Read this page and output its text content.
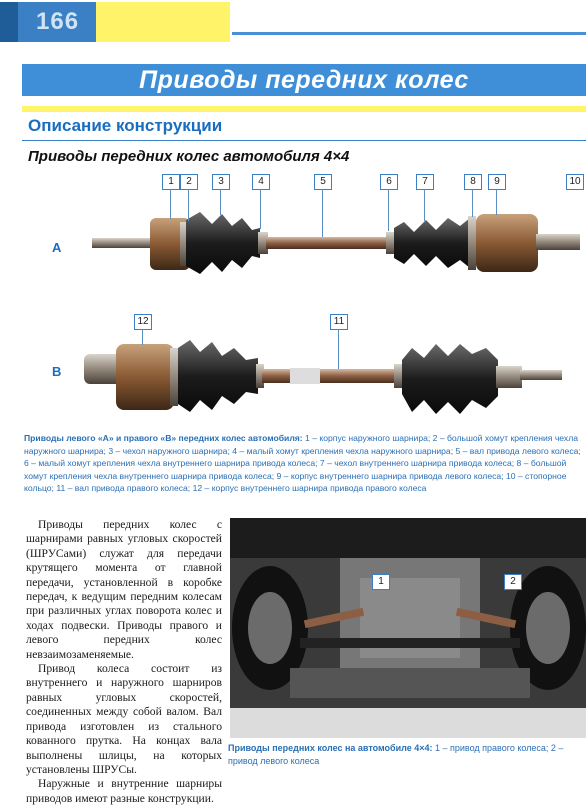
166
Приводы передних колес
Описание конструкции
Приводы передних колес автомобиля 4×4
A
B
1	2	3	4	5	6	7	8	9	10
12	11
Приводы левого «А» и правого «В» передних колес автомобиля: 1 – корпус наружного шарнира; 2 – большой хомут крепления чехла наружного шарнира; 3 – чехол наружного шарнира; 4 – малый хомут крепления чехла наружного шарнира; 5 – вал привода левого колеса; 6 – малый хомут крепления чехла внутреннего шарнира привода колеса; 7 – чехол внутреннего шарнира привода колеса; 8 – большой хомут крепления чехла внутреннего шарнира привода колеса; 9 – корпус внутреннего шарнира привода левого колеса; 10 – стопорное кольцо; 11 – вал привода правого колеса; 12 – корпус внутреннего шарнира привода правого колеса

Приводы передних колес с шарнирами равных угловых скоростей (ШРУСами) служат для передачи крутящего момента от главной передачи, установленной в коробке передач, к ведущим передним колесам при различных углах поворота колес и ходах подвески. Приводы правого и левого передних колес невзаимозаменяемые.

Привод колеса состоит из внутреннего и наружного шарниров равных угловых скоростей, соединенных между собой валом. Вал привода изготовлен из стального кованного прутка. На концах вала выполнены шлицы, на которых установлены ШРУСы.

Наружные и внутренние шарниры приводов имеют разные конструкции.

1	2
Приводы передних колес на автомобиле 4×4: 1 – привод правого колеса; 2 – привод левого колеса
